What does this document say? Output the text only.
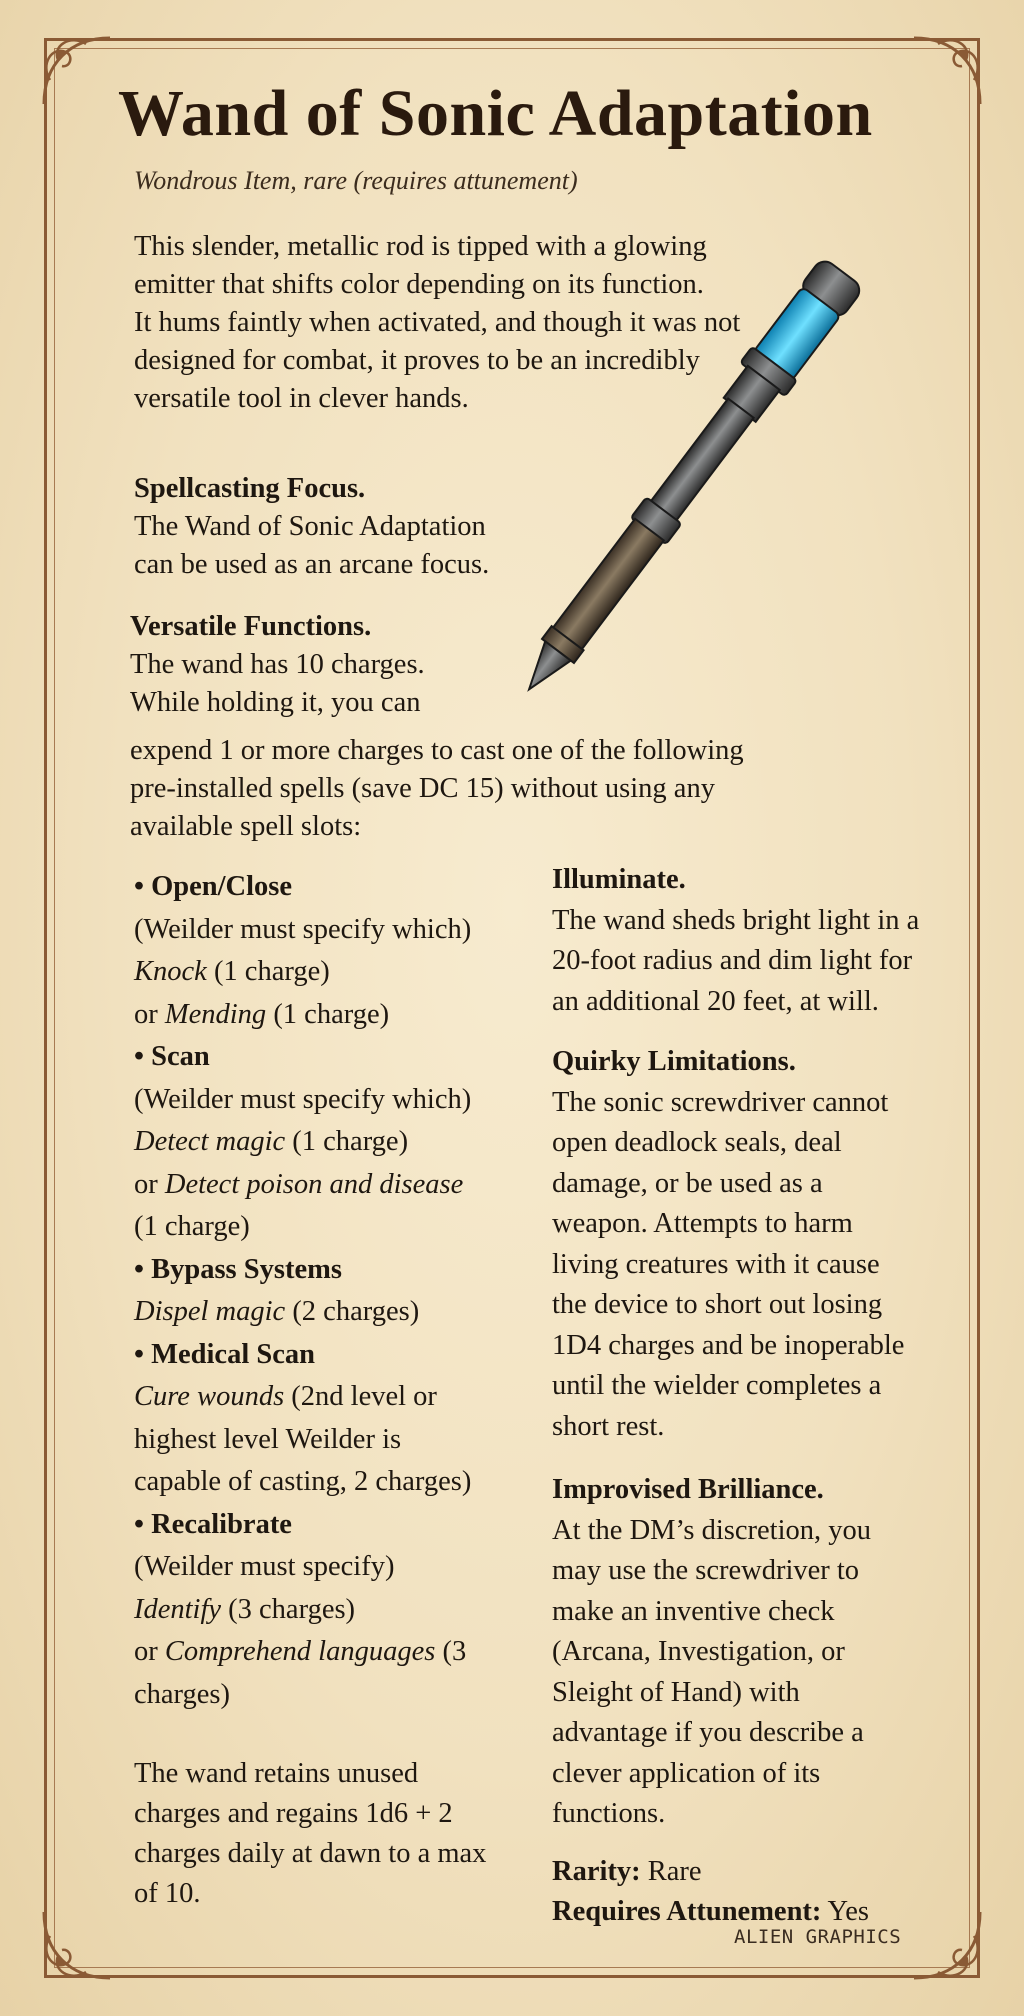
Wand of Sonic Adaptation
Wondrous Item, rare (requires attunement)
This slender, metallic rod is tipped with a glowing
emitter that shifts color depending on its function.
It hums faintly when activated, and though it was not
designed for combat, it proves to be an incredibly
versatile tool in clever hands.
Spellcasting Focus.
The Wand of Sonic Adaptation
can be used as an arcane focus.
Versatile Functions.
The wand has 10 charges.
While holding it, you can
expend 1 or more charges to cast one of the following
pre-installed spells (save DC 15) without using any
available spell slots:
• Open/Close
(Weilder must specify which)
Knock (1 charge)
or Mending (1 charge)
• Scan
(Weilder must specify which)
Detect magic (1 charge)
or Detect poison and disease
(1 charge)
• Bypass Systems
Dispel magic (2 charges)
• Medical Scan
Cure wounds (2nd level or
highest level Weilder is
capable of casting, 2 charges)
• Recalibrate
(Weilder must specify)
Identify (3 charges)
or Comprehend languages (3
charges)
The wand retains unused
charges and regains 1d6 + 2
charges daily at dawn to a max
of 10.
Illuminate.
The wand sheds bright light in a
20-foot radius and dim light for
an additional 20 feet, at will.
Quirky Limitations.
The sonic screwdriver cannot
open deadlock seals, deal
damage, or be used as a
weapon. Attempts to harm
living creatures with it cause
the device to short out losing
1D4 charges and be inoperable
until the wielder completes a
short rest.
Improvised Brilliance.
At the DM’s discretion, you
may use the screwdriver to
make an inventive check
(Arcana, Investigation, or
Sleight of Hand) with
advantage if you describe a
clever application of its
functions.
Rarity: Rare
Requires Attunement: Yes
ALIEN GRAPHICS
